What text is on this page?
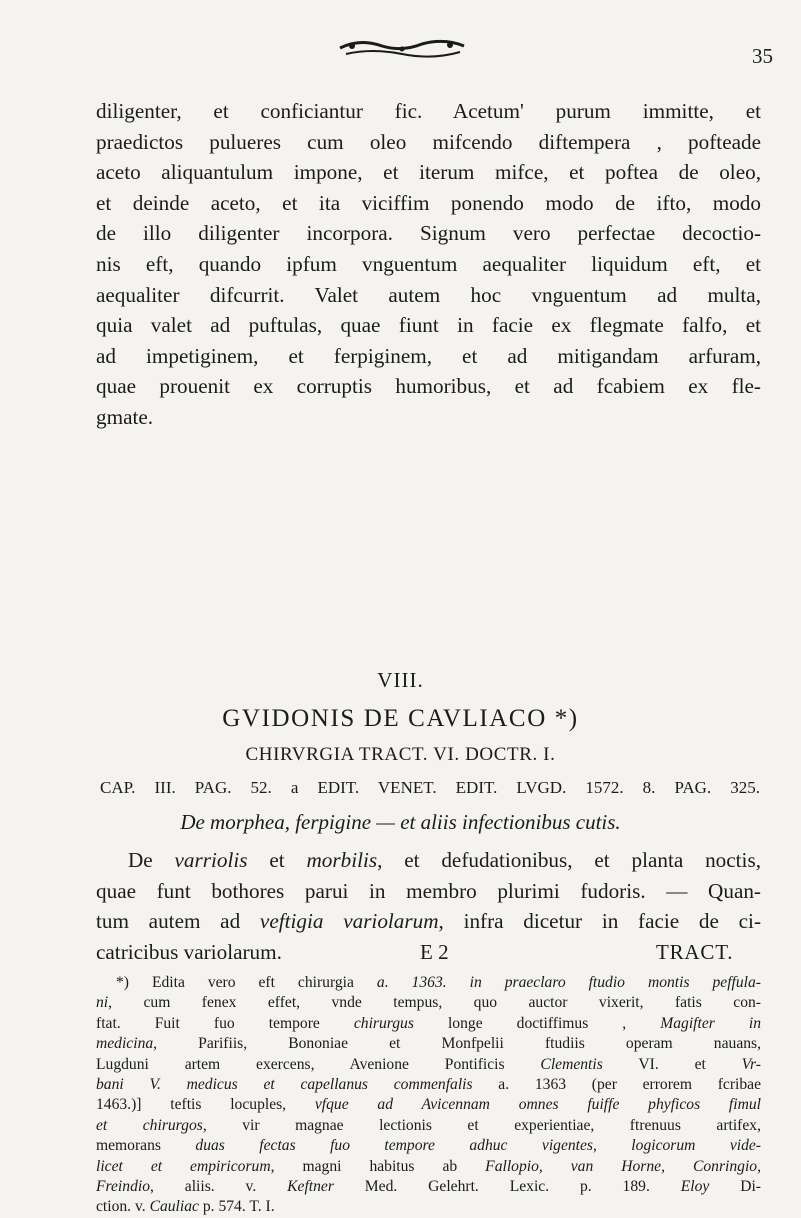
35
diligenter, et conficiantur fic. Acetum' purum immitte, et
praedictos pulueres cum oleo mifcendo diftempera , pofteade
aceto aliquantulum impone, et iterum mifce, et poftea de oleo,
et deinde aceto, et ita viciffim ponendo modo de ifto, modo
de illo diligenter incorpora. Signum vero perfectae decoctio-
nis eft, quando ipfum vnguentum aequaliter liquidum eft, et
aequaliter difcurrit. Valet autem hoc vnguentum ad multa,
quia valet ad puftulas, quae fiunt in facie ex flegmate falfo, et
ad impetiginem, et ferpiginem, et ad mitigandam arfuram,
quae prouenit ex corruptis humoribus, et ad fcabiem ex fle-
gmate.
VIII.
GVIDONIS DE CAVLIACO *)
CHIRVRGIA TRACT. VI. DOCTR. I.
CAP. III. PAG. 52. a EDIT. VENET. EDIT. LVGD. 1572. 8. PAG. 325.
De morphea, ferpigine — et aliis infectionibus cutis.
De varriolis et morbilis, et defudationibus, et planta noctis,
quae funt bothores parui in membro plurimi fudoris. — Quan-
tum autem ad veftigia variolarum, infra dicetur in facie de ci-
catricibus variolarum.	E 2	TRACT.
*) Edita vero eft chirurgia a. 1363. in praeclaro ftudio montis peffula-
ni, cum fenex effet, vnde tempus, quo auctor vixerit, fatis con-
ftat. Fuit fuo tempore chirurgus longe doctiffimus , Magifter in
medicina, Parifiis, Bononiae et Monfpelii ftudiis operam nauans,
Lugduni artem exercens, Avenione Pontificis Clementis VI. et Vr-
bani V. medicus et capellanus commenfalis a. 1363 (per errorem fcribae
1463.)] teftis locuples, vfque ad Avicennam omnes fuiffe phyficos fimul
et chirurgos, vir magnae lectionis et experientiae, ftrenuus artifex,
memorans duas fectas fuo tempore adhuc vigentes, logicorum vide-
licet et empiricorum, magni habitus ab Fallopio, van Horne, Conringio,
Freindio, aliis. v. Keftner Med. Gelehrt. Lexic. p. 189. Eloy Di-
ction. v. Cauliac p. 574. T. I.
